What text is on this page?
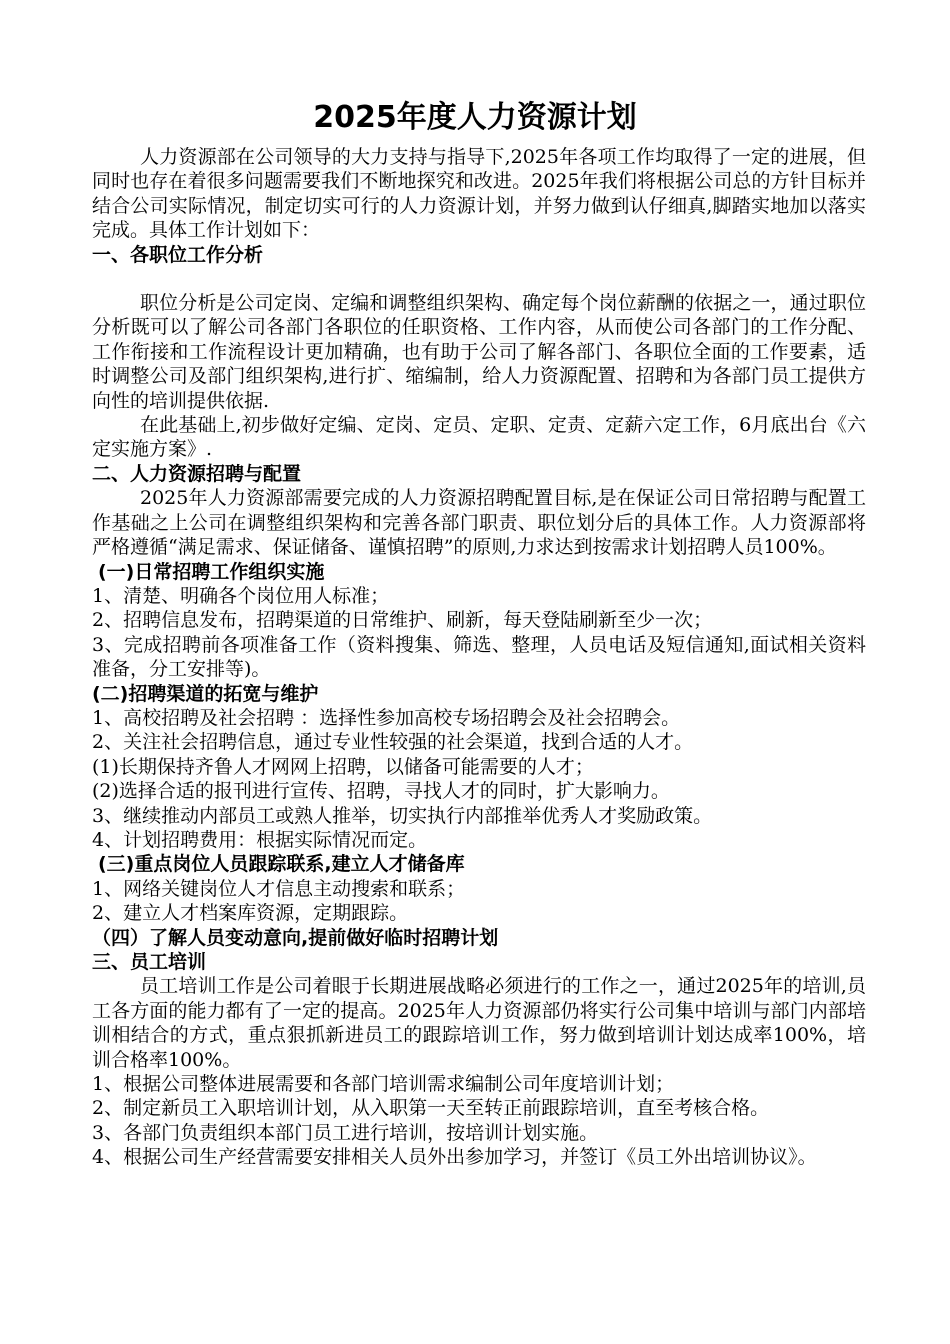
2025年度人力资源计划

人力资源部在公司领导的大力支持与指导下,2025年各项工作均取得了一定的进展，但同时也存在着很多问题需要我们不断地探究和改进。2025年我们将根据公司总的方针目标并结合公司实际情况，制定切实可行的人力资源计划，并努力做到认仔细真,脚踏实地加以落实完成。具体工作计划如下：

一、各职位工作分析

职位分析是公司定岗、定编和调整组织架构、确定每个岗位薪酬的依据之一，通过职位分析既可以了解公司各部门各职位的任职资格、工作内容，从而使公司各部门的工作分配、工作衔接和工作流程设计更加精确，也有助于公司了解各部门、各职位全面的工作要素，适时调整公司及部门组织架构,进行扩、缩编制，给人力资源配置、招聘和为各部门员工提供方向性的培训提供依据.

在此基础上,初步做好定编、定岗、定员、定职、定责、定薪六定工作，6月底出台《六定实施方案》.

二、人力资源招聘与配置

2025年人力资源部需要完成的人力资源招聘配置目标,是在保证公司日常招聘与配置工作基础之上公司在调整组织架构和完善各部门职责、职位划分后的具体工作。人力资源部将严格遵循“满足需求、保证储备、谨慎招聘”的原则,力求达到按需求计划招聘人员100%。

(一)日常招聘工作组织实施

1、清楚、明确各个岗位用人标准；

2、招聘信息发布，招聘渠道的日常维护、刷新，每天登陆刷新至少一次；

3、完成招聘前各项准备工作（资料搜集、筛选、整理，人员电话及短信通知,面试相关资料准备，分工安排等)。

(二)招聘渠道的拓宽与维护

1、高校招聘及社会招聘 ：选择性参加高校专场招聘会及社会招聘会。

2、关注社会招聘信息，通过专业性较强的社会渠道，找到合适的人才。

(1)长期保持齐鲁人才网网上招聘，以储备可能需要的人才；

(2)选择合适的报刊进行宣传、招聘，寻找人才的同时，扩大影响力。

3、继续推动内部员工或熟人推举，切实执行内部推举优秀人才奖励政策。

4、计划招聘费用：根据实际情况而定。

(三)重点岗位人员跟踪联系,建立人才储备库

1、网络关键岗位人才信息主动搜索和联系；

2、建立人才档案库资源，定期跟踪。

（四）了解人员变动意向,提前做好临时招聘计划

三、员工培训

员工培训工作是公司着眼于长期进展战略必须进行的工作之一，通过2025年的培训,员工各方面的能力都有了一定的提高。2025年人力资源部仍将实行公司集中培训与部门内部培训相结合的方式，重点狠抓新进员工的跟踪培训工作，努力做到培训计划达成率100%，培训合格率100%。

1、根据公司整体进展需要和各部门培训需求编制公司年度培训计划；

2、制定新员工入职培训计划，从入职第一天至转正前跟踪培训，直至考核合格。

3、各部门负责组织本部门员工进行培训，按培训计划实施。

4、根据公司生产经营需要安排相关人员外出参加学习，并签订《员工外出培训协议》。
